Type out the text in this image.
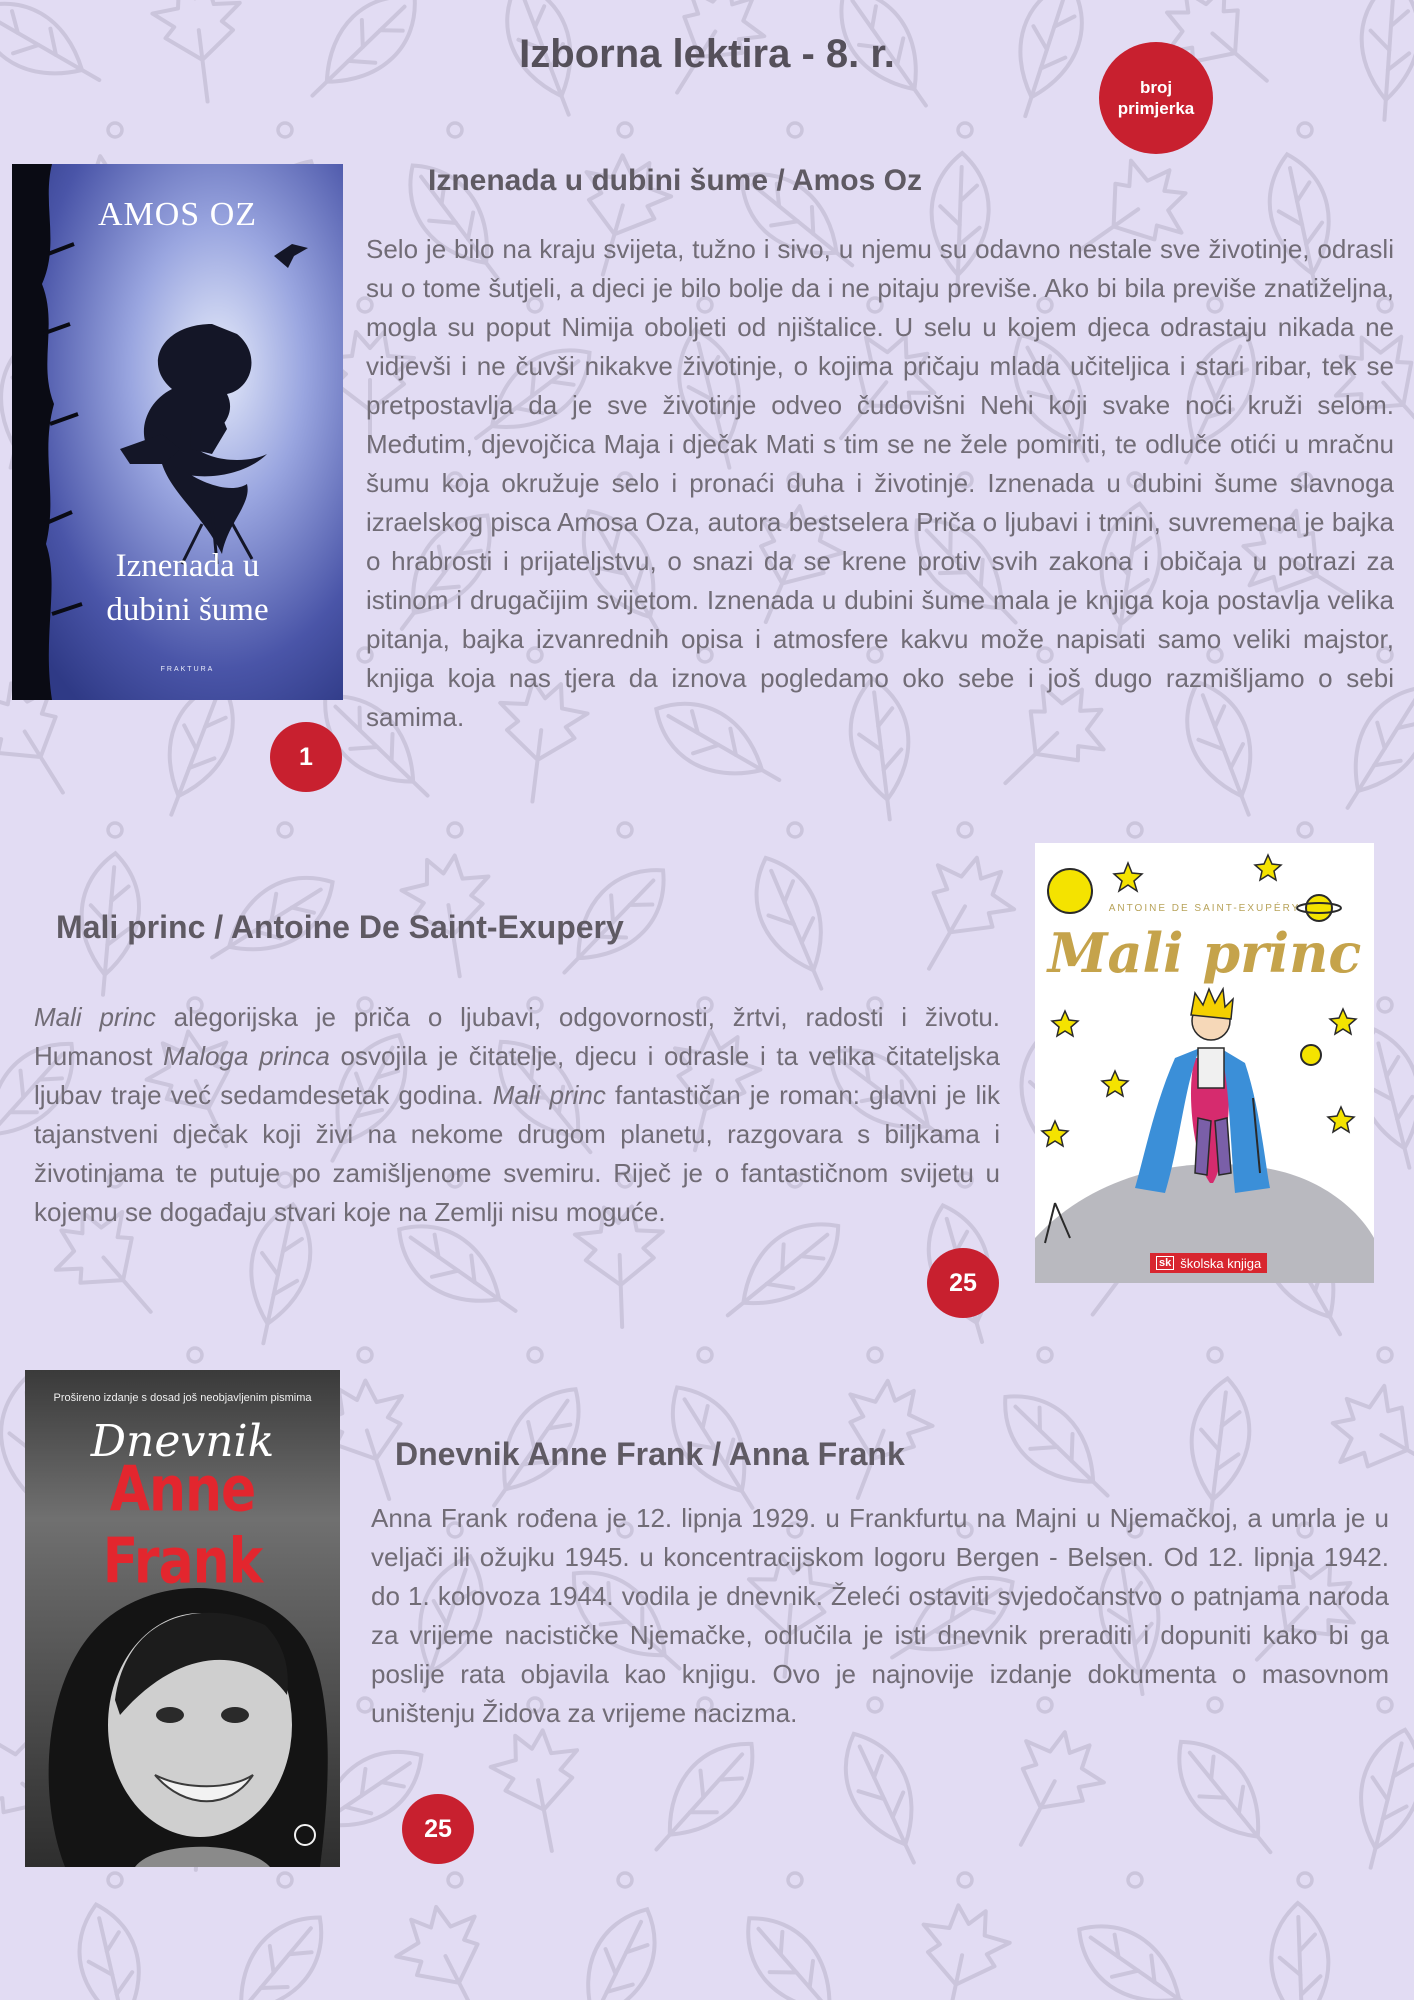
Izborna lektira - 8. r.
broj primjerka
AMOS OZ
Iznenada u
dubini šume
FRAKTURA
Iznenada u dubini šume / Amos Oz

Selo je bilo na kraju svijeta, tužno i sivo, u njemu su odavno nestale sve životinje, odrasli su o tome šutjeli, a djeci je bilo bolje da i ne pitaju previše. Ako bi bila previše znatiželjna, mogla su poput Nimija oboljeti od njištalice. U selu u kojem djeca odrastaju nikada ne vidjevši i ne čuvši nikakve životinje, o kojima pričaju mlada učiteljica i stari ribar, tek se pretpostavlja da je sve životinje odveo čudovišni Nehi koji svake noći kruži selom. Međutim, djevojčica Maja i dječak Mati s tim se ne žele pomiriti, te odluče otići u mračnu šumu koja okružuje selo i pronaći duha i životinje. Iznenada u dubini šume slavnoga izraelskog pisca Amosa Oza, autora bestselera Priča o ljubavi i tmini, suvremena je bajka o hrabrosti i prijateljstvu, o snazi da se krene protiv svih zakona i običaja u potrazi za istinom i drugačijim svijetom. Iznenada u dubini šume mala je knjiga koja postavlja velika pitanja, bajka izvanrednih opisa i atmosfere kakvu može napisati samo veliki majstor, knjiga koja nas tjera da iznova pogledamo oko sebe i još dugo razmišljamo o sebi samima.

1
Mali princ / Antoine De Saint-Exupery

Mali princ alegorijska je priča o ljubavi, odgovornosti, žrtvi, radosti i životu. Humanost Maloga princa osvojila je čitatelje, djecu i odrasle i ta velika čitateljska ljubav traje već sedamdesetak godina. Mali princ fantastičan je roman: glavni je lik tajanstveni dječak koji živi na nekome drugom planetu, razgovara s biljkama i životinjama te putuje po zamišljenome svemiru. Riječ je o fantastičnom svijetu u kojemu se događaju stvari koje na Zemlji nisu moguće.

25
ANTOINE DE SAINT-EXUPÉRY
Mali princ
sk školska knjiga
Prošireno izdanje s dosad još neobjavljenim pismima
Dnevnik
Anne Frank
Dnevnik Anne Frank / Anna Frank

Anna Frank rođena je 12. lipnja 1929. u Frankfurtu na Majni u Njemačkoj, a umrla je u veljači ili ožujku 1945. u koncentracijskom logoru Bergen - Belsen. Od 12. lipnja 1942. do 1. kolovoza 1944. vodila je dnevnik. Želeći ostaviti svjedočanstvo o patnjama naroda za vrijeme nacističke Njemačke, odlučila je isti dnevnik preraditi i dopuniti kako bi ga poslije rata objavila kao knjigu. Ovo je najnovije izdanje dokumenta o masovnom uništenju Židova za vrijeme nacizma.

25
